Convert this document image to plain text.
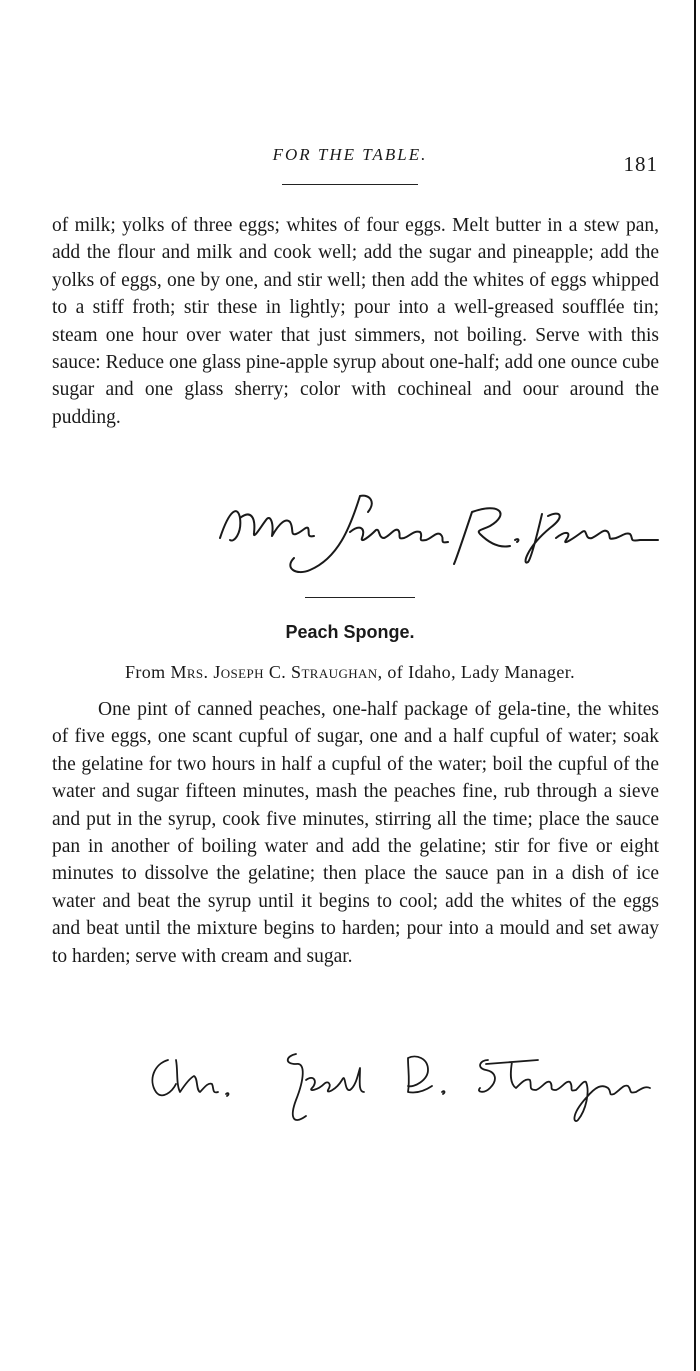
FOR THE TABLE.	181

of milk; yolks of three eggs; whites of four eggs. Melt butter in a stew pan, add the flour and milk and cook well; add the sugar and pineapple; add the yolks of eggs, one by one, and stir well; then add the whites of eggs whipped to a stiff froth; stir these in lightly; pour into a well-greased soufflée tin; steam one hour over water that just simmers, not boiling. Serve with this sauce: Reduce one glass pine-apple syrup about one-half; add one ounce cube sugar and one glass sherry; color with cochineal and oour around the pudding.

Peach Sponge.
From Mrs. Joseph C. Straughan, of Idaho, Lady Manager.

One pint of canned peaches, one-half package of gela-tine, the whites of five eggs, one scant cupful of sugar, one and a half cupful of water; soak the gelatine for two hours in half a cupful of the water; boil the cupful of the water and sugar fifteen minutes, mash the peaches fine, rub through a sieve and put in the syrup, cook five minutes, stirring all the time; place the sauce pan in another of boiling water and add the gelatine; stir for five or eight minutes to dissolve the gelatine; then place the sauce pan in a dish of ice water and beat the syrup until it begins to cool; add the whites of the eggs and beat until the mixture begins to harden; pour into a mould and set away to harden; serve with cream and sugar.
